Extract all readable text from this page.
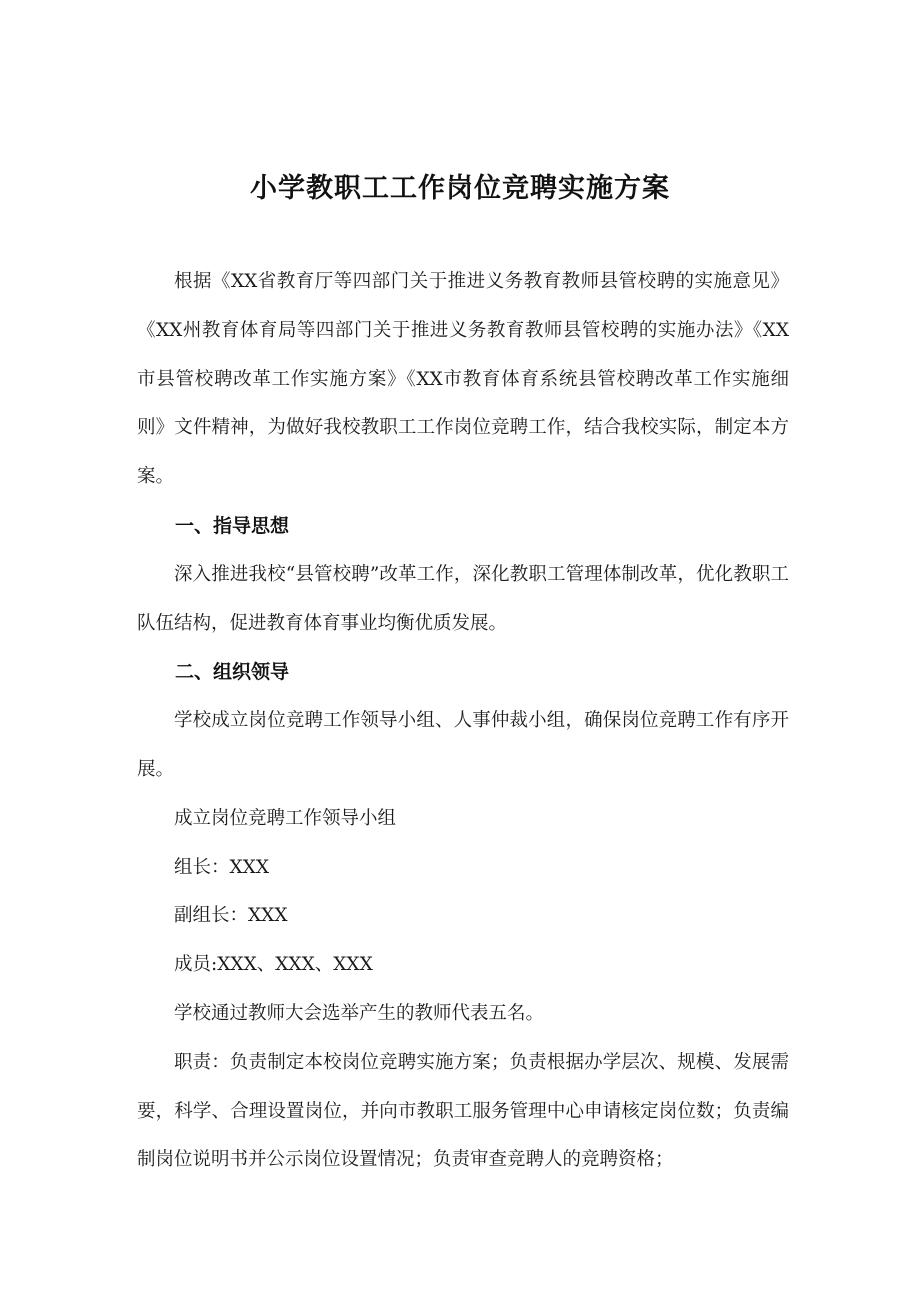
小学教职工工作岗位竞聘实施方案

根据《XX省教育厅等四部门关于推进义务教育教师县管校聘的实施意见》《XX州教育体育局等四部门关于推进义务教育教师县管校聘的实施办法》《XX市县管校聘改革工作实施方案》《XX市教育体育系统县管校聘改革工作实施细则》文件精神，为做好我校教职工工作岗位竞聘工作，结合我校实际，制定本方案。

一、指导思想

深入推进我校“县管校聘”改革工作，深化教职工管理体制改革，优化教职工队伍结构，促进教育体育事业均衡优质发展。

二、组织领导

学校成立岗位竞聘工作领导小组、人事仲裁小组，确保岗位竞聘工作有序开展。

成立岗位竞聘工作领导小组

组长：XXX

副组长：XXX

成员:XXX、XXX、XXX

学校通过教师大会选举产生的教师代表五名。

职责：负责制定本校岗位竞聘实施方案；负责根据办学层次、规模、发展需要，科学、合理设置岗位，并向市教职工服务管理中心申请核定岗位数；负责编制岗位说明书并公示岗位设置情况；负责审查竞聘人的竞聘资格；
